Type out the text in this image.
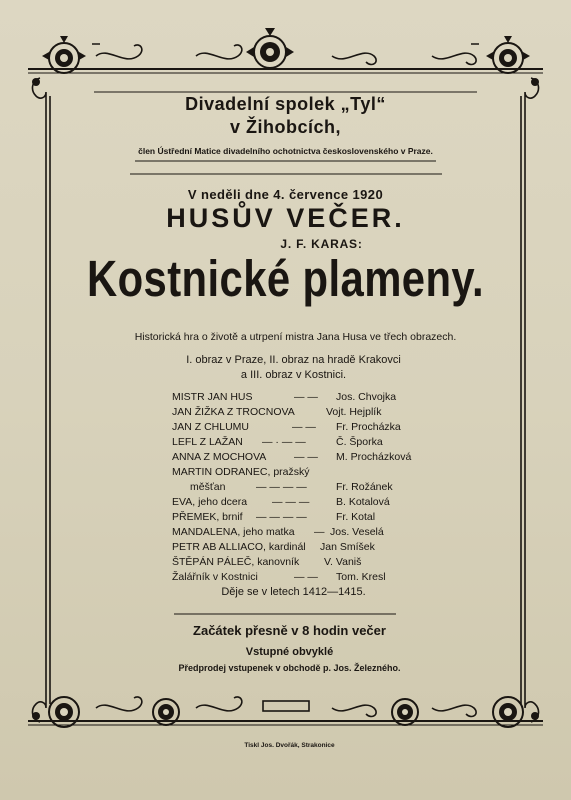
Divadelní spolek „Tyl“

v Žihobcích,

člen Ústřední Matice divadelního ochotnictva československého v Praze.

V neděli dne 4. července 1920

HUSŮV VEČER.

J. F. KARAS:

Kostnické plameny.

Historická hra o životě a utrpení mistra Jana Husa ve třech obrazech.

I. obraz v Praze, II. obraz na hradě Krakovci

a III. obraz v Kostnici.

MISTR JAN HUS	— — Jos. Chvojka

JAN ŽIŽKA Z TROCNOVA	Vojt. Hejplík

JAN Z CHLUMU	— — Fr. Procházka

LEFL Z LAŽAN — · — —	Č. Šporka

ANNA Z MOCHOVA	— — M. Procházková

MARTIN ODRANEC, pražský

měšťan	— — — —	Fr. Rožánek

EVA, jeho dcera — — —	B. Kotalová

PŘEMEK, brnif — — — —	Fr. Kotal

MANDALENA, jeho matka — Jos. Veselá

PETR AB ALLIACO, kardinál Jan Smíšek

ŠTĚPÁN PÁLEČ, kanovník V. Vaniš

Žalářník v Kostnici	— — Tom. Kresl

Děje se v letech 1412—1415.

Začátek přesně v 8 hodin večer

Vstupné obvyklé

Předprodej vstupenek v obchodě p. Jos. Železného.

Tiskl Jos. Dvořák, Strakonice
